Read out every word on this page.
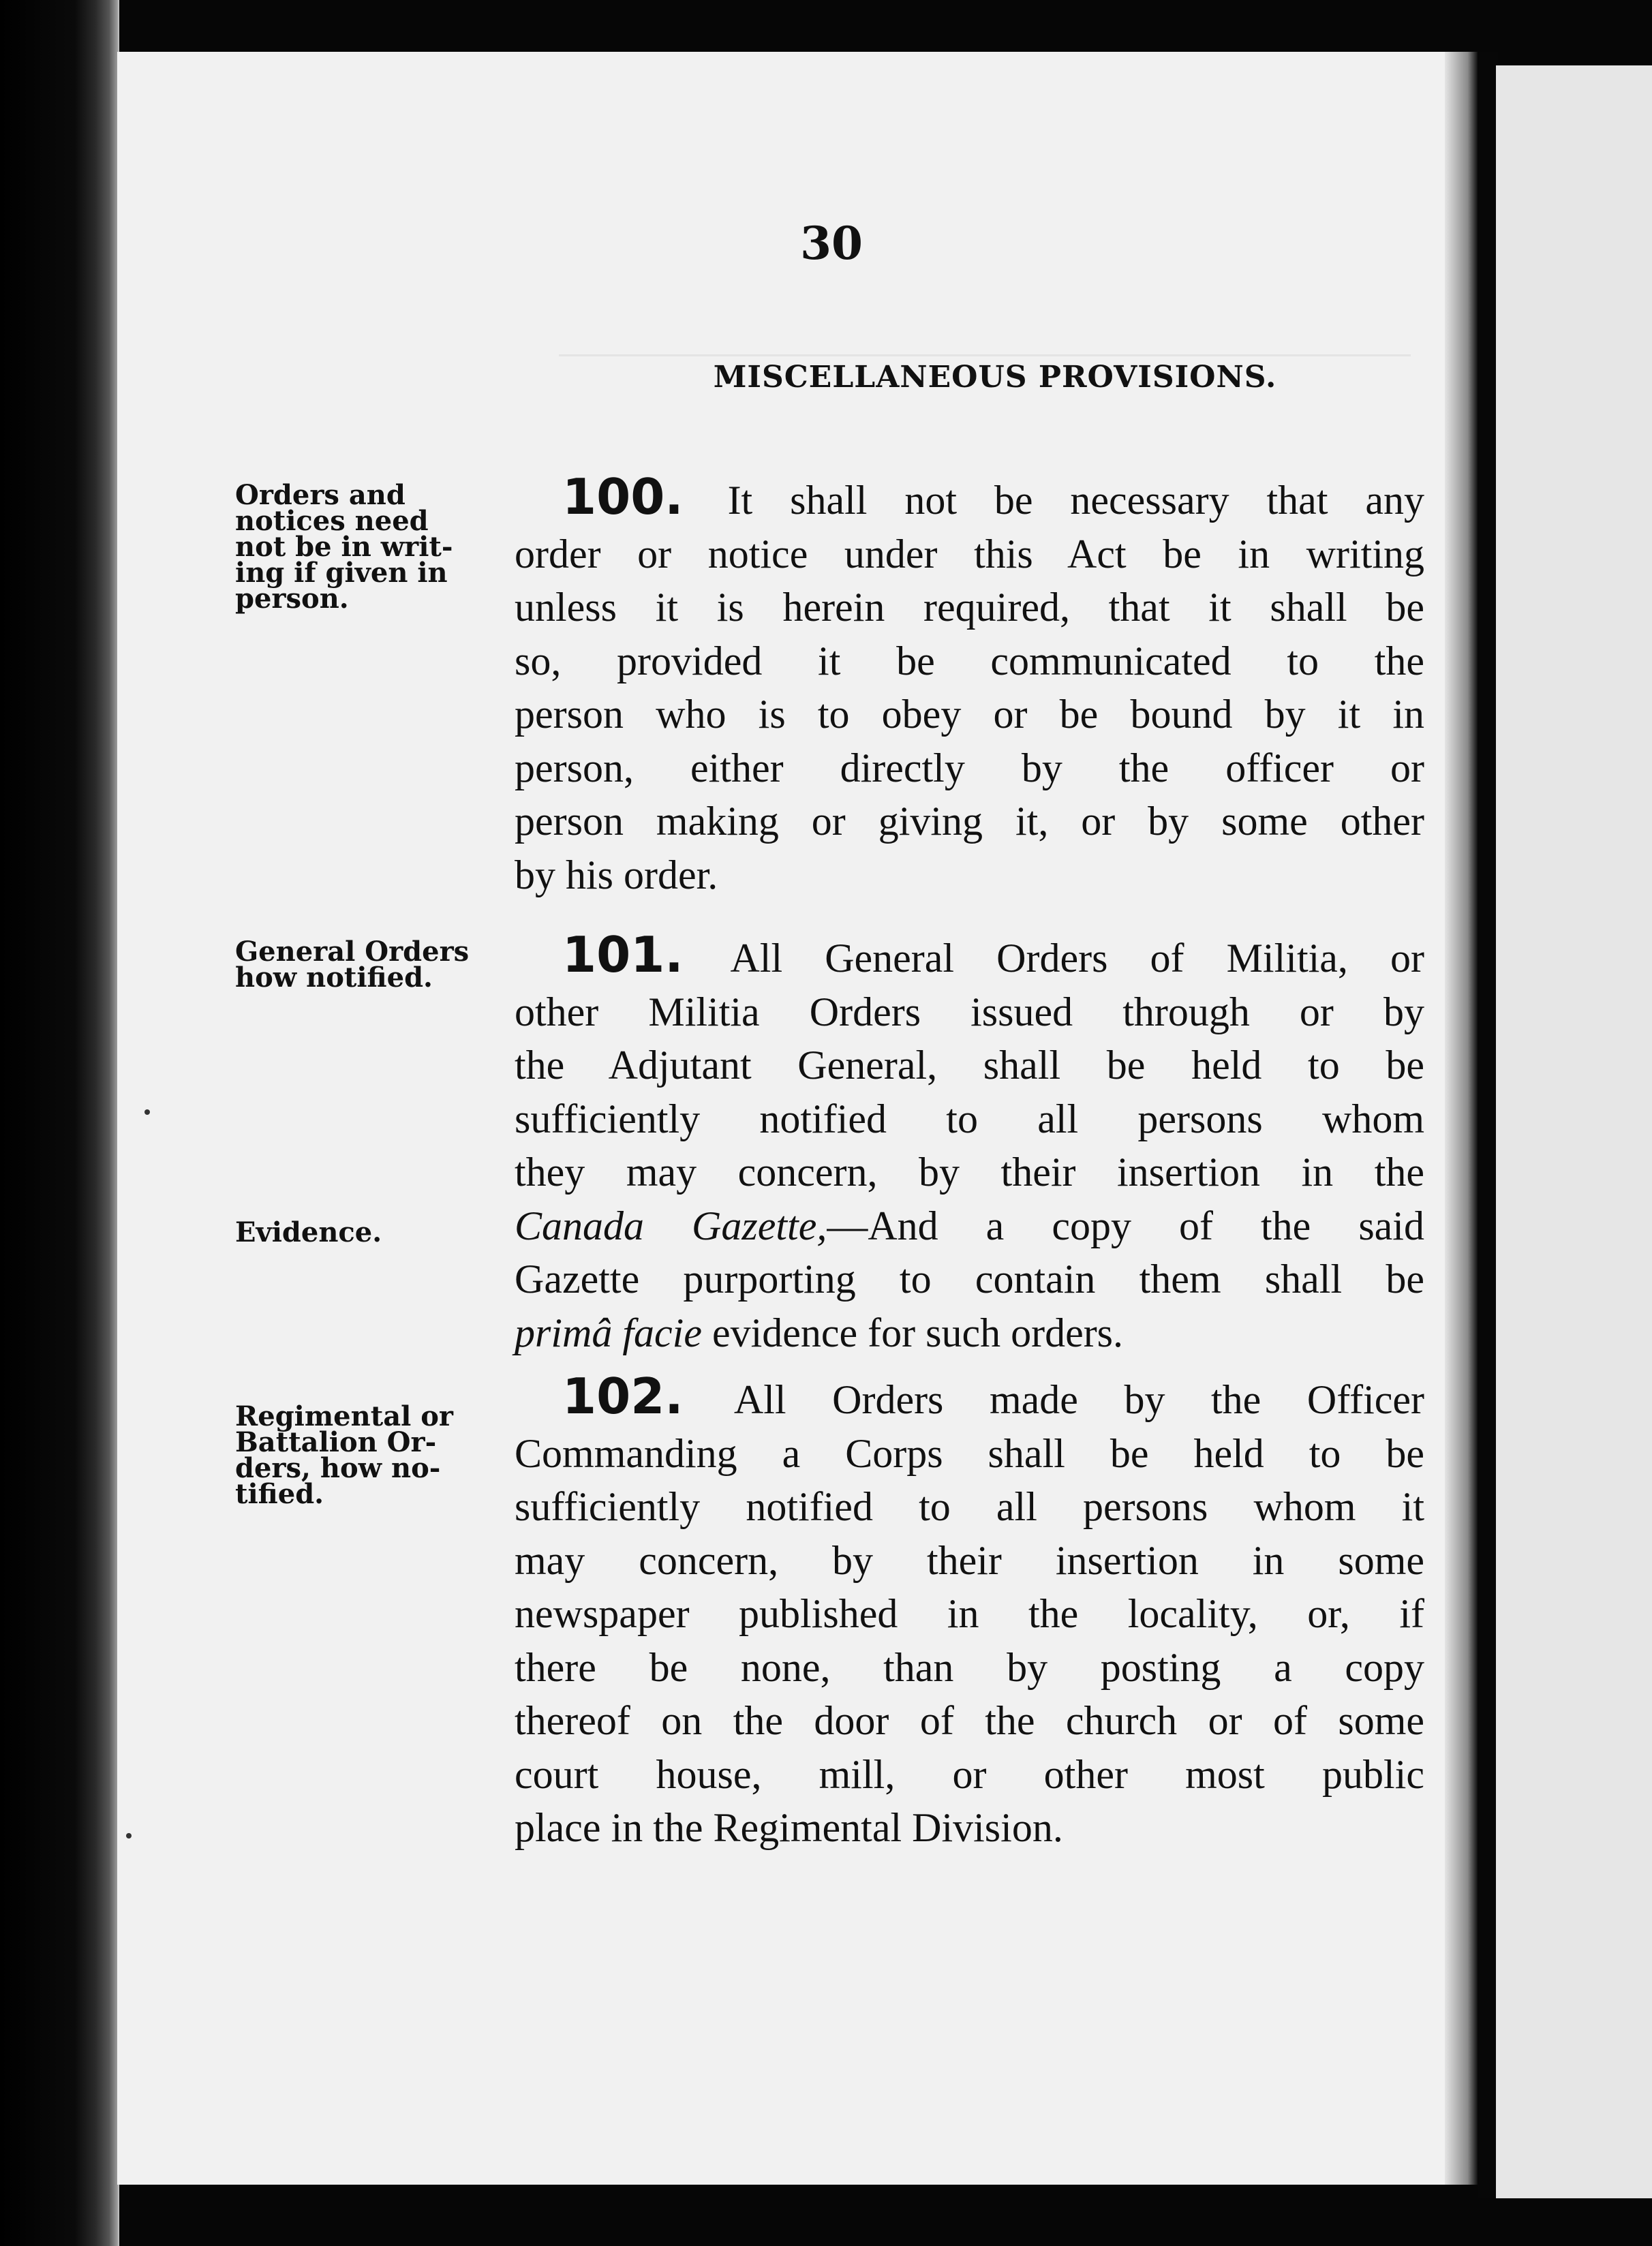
30
MISCELLANEOUS PROVISIONS.
Orders and
notices need
not be in writ-
ing if given in
person.
100. It shall not be necessary that any
order or notice under this Act be in writing
unless it is herein required, that it shall be
so, provided it be communicated to the
person who is to obey or be bound by it in
person, either directly by the officer or
person making or giving it, or by some other
by his order.
General Orders
how notified.
Evidence.
101. All General Orders of Militia, or
other Militia Orders issued through or by
the Adjutant General, shall be held to be
sufficiently notified to all persons whom
they may concern, by their insertion in the
Canada Gazette,—And a copy of the said
Gazette purporting to contain them shall be
primâ facie evidence for such orders.
Regimental or
Battalion Or-
ders, how no-
tified.
102. All Orders made by the Officer
Commanding a Corps shall be held to be
sufficiently notified to all persons whom it
may concern, by their insertion in some
newspaper published in the locality, or, if
there be none, than by posting a copy
thereof on the door of the church or of some
court house, mill, or other most public
place in the Regimental Division.
